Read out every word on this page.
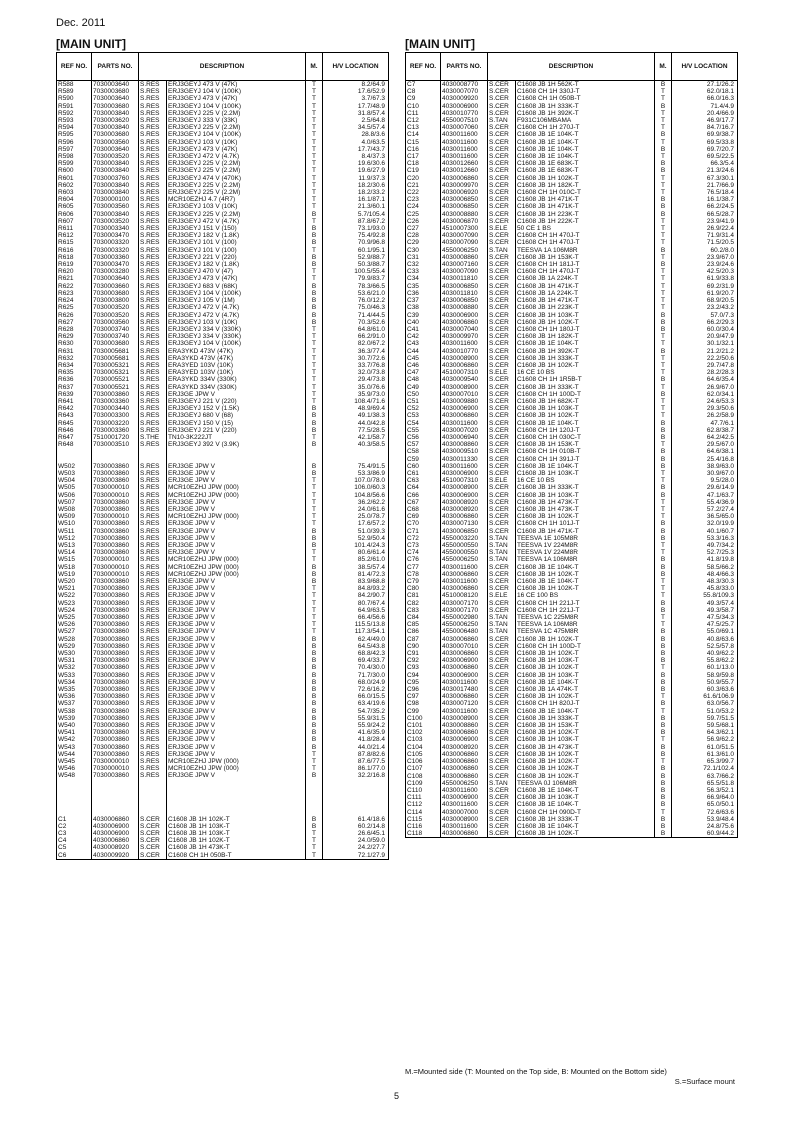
Dec. 2011
[MAIN UNIT]	[MAIN UNIT]
REF NO.	PARTS NO.	DESCRIPTION		M.	H/V LOCATION
R588	7030003640	S.RES	ERJ3GEYJ 473 V (47K)	T	8.2/64.9
R589	7030003680	S.RES	ERJ3GEYJ 104 V (100K)	T	17.6/52.9
R590	7030003640	S.RES	ERJ3GEYJ 473 V (47K)	T	3.7/67.3
R591	7030003680	S.RES	ERJ3GEYJ 104 V (100K)	T	17.7/48.9
R592	7030003840	S.RES	ERJ3GEYJ 225 V (2.2M)	T	31.8/57.4
R593	7030003620	S.RES	ERJ3GEYJ 333 V (33K)	T	2.5/64.8
R594	7030003840	S.RES	ERJ3GEYJ 225 V (2.2M)	T	34.5/57.4
R595	7030003680	S.RES	ERJ3GEYJ 104 V (100K)	T	28.8/3.6
R596	7030003560	S.RES	ERJ3GEYJ 103 V (10K)	T	4.0/63.5
R597	7030003640	S.RES	ERJ3GEYJ 473 V (47K)	T	17.7/43.7
R598	7030003520	S.RES	ERJ3GEYJ 472 V (4.7K)	T	8.4/37.3
R599	7030003840	S.RES	ERJ3GEYJ 225 V (2.2M)	T	19.6/30.6
R600	7030003840	S.RES	ERJ3GEYJ 225 V (2.2M)	T	19.6/27.9
R601	7030003760	S.RES	ERJ3GEYJ 474 V (470K)	T	11.9/37.3
R602	7030003840	S.RES	ERJ3GEYJ 225 V (2.2M)	T	18.2/30.6
R603	7030003840	S.RES	ERJ3GEYJ 225 V (2.2M)	T	18.2/33.2
R604	7030000100	S.RES	MCR10EZHJ 4.7 (4R7)	T	16.1/87.1
R605	7030003560	S.RES	ERJ3GEYJ 103 V (10K)	T	21.3/60.1
R606	7030003840	S.RES	ERJ3GEYJ 225 V (2.2M)	B	5.7/105.4
R607	7030003520	S.RES	ERJ3GEYJ 472 V (4.7K)	T	87.8/67.2
R611	7030003340	S.RES	ERJ3GEYJ 151 V (150)	B	73.1/93.0
R612	7030003470	S.RES	ERJ3GEYJ 182 V (1.8K)	B	75.4/92.8
R615	7030003320	S.RES	ERJ3GEYJ 101 V (100)	B	70.9/96.8
R616	7030003320	S.RES	ERJ3GEYJ 101 V (100)	T	60.1/95.1
R618	7030003360	S.RES	ERJ3GEYJ 221 V (220)	B	52.9/88.7
R619	7030003470	S.RES	ERJ3GEYJ 182 V (1.8K)	B	50.3/88.7
R620	7030003280	S.RES	ERJ3GEYJ 470 V (47)	T	100.5/55.4
R621	7030003640	S.RES	ERJ3GEYJ 473 V (47K)	T	79.9/83.7
R622	7030003660	S.RES	ERJ3GEYJ 683 V (68K)	B	78.3/66.5
R623	7030003680	S.RES	ERJ3GEYJ 104 V (100K)	B	53.6/21.0
R624	7030003800	S.RES	ERJ3GEYJ 105 V (1M)	B	76.0/12.2
R625	7030003520	S.RES	ERJ3GEYJ 472 V (4.7K)	B	75.0/46.3
R626	7030003520	S.RES	ERJ3GEYJ 472 V (4.7K)	B	71.4/44.5
R627	7030003560	S.RES	ERJ3GEYJ 103 V (10K)	B	70.3/52.6
R628	7030003740	S.RES	ERJ3GEYJ 334 V (330K)	T	64.8/61.0
R629	7030003740	S.RES	ERJ3GEYJ 334 V (330K)	T	66.2/91.0
R630	7030003680	S.RES	ERJ3GEYJ 104 V (100K)	T	82.0/67.2
R631	7030005681	S.RES	ERA3YKD 473V (47K)	T	36.3/77.4
R632	7030005681	S.RES	ERA3YKD 473V (47K)	T	30.7/72.6
R634	7030005321	S.RES	ERA3YED 103V (10K)	T	33.7/76.8
R635	7030005321	S.RES	ERA3YED 103V (10K)	T	32.0/73.8
R636	7030005521	S.RES	ERA3YKD 334V (330K)	T	29.4/73.8
R637	7030005521	S.RES	ERA3YKD 334V (330K)	T	35.0/76.6
R639	7030003860	S.RES	ERJ3GE JPW V	T	35.9/73.0
R641	7030003360	S.RES	ERJ3GEYJ 221 V (220)	T	108.4/71.6
R642	7030003440	S.RES	ERJ3GEYJ 152 V (1.5K)	B	48.9/69.4
R643	7030003300	S.RES	ERJ3GEYJ 680 V (68)	B	49.1/38.3
R645	7030003220	S.RES	ERJ3GEYJ 150 V (15)	B	44.0/42.8
R646	7030003360	S.RES	ERJ3GEYJ 221 V (220)	B	77.5/28.5
R647	7510001720	S.THE	TN10-3K222JT	T	42.1/58.7
R648	7030003510	S.RES	ERJ3GEYJ 392 V (3.9K)	B	40.3/58.5

W502	7030003860	S.RES	ERJ3GE JPW V	B	75.4/91.5
W503	7030003860	S.RES	ERJ3GE JPW V	B	53.3/86.9
W504	7030003860	S.RES	ERJ3GE JPW V	T	107.0/78.0
W505	7030000010	S.RES	MCR10EZHJ JPW (000)	T	106.0/60.3
W506	7030000010	S.RES	MCR10EZHJ JPW (000)	T	104.8/56.6
W507	7030003860	S.RES	ERJ3GE JPW V	T	36.2/62.2
W508	7030003860	S.RES	ERJ3GE JPW V	T	24.0/61.6
W509	7030000010	S.RES	MCR10EZHJ JPW (000)	T	25.0/78.7
W510	7030003860	S.RES	ERJ3GE JPW V	T	17.6/57.2
W511	7030003860	S.RES	ERJ3GE JPW V	B	51.0/39.3
W512	7030003860	S.RES	ERJ3GE JPW V	B	52.9/50.4
W513	7030003860	S.RES	ERJ3GE JPW V	B	101.4/24.3
W514	7030003860	S.RES	ERJ3GE JPW V	T	80.6/61.4
W515	7030000010	S.RES	MCR10EZHJ JPW (000)	T	85.2/61.0
W518	7030000010	S.RES	MCR10EZHJ JPW (000)	B	38.5/57.4
W519	7030000010	S.RES	MCR10EZHJ JPW (000)	B	81.4/72.3
W520	7030003860	S.RES	ERJ3GE JPW V	B	83.9/68.8
W521	7030003860	S.RES	ERJ3GE JPW V	T	84.8/93.2
W522	7030003860	S.RES	ERJ3GE JPW V	T	84.2/90.7
W523	7030003860	S.RES	ERJ3GE JPW V	T	80.7/67.4
W524	7030003860	S.RES	ERJ3GE JPW V	T	64.9/63.5
W525	7030003860	S.RES	ERJ3GE JPW V	T	66.4/56.6
W526	7030003860	S.RES	ERJ3GE JPW V	T	115.5/13.8
W527	7030003860	S.RES	ERJ3GE JPW V	T	117.3/54.1
W528	7030003860	S.RES	ERJ3GE JPW V	B	62.4/49.0
W529	7030003860	S.RES	ERJ3GE JPW V	B	64.5/43.8
W530	7030003860	S.RES	ERJ3GE JPW V	B	68.8/42.3
W531	7030003860	S.RES	ERJ3GE JPW V	B	69.4/33.7
W532	7030003860	S.RES	ERJ3GE JPW V	B	70.4/30.0
W533	7030003860	S.RES	ERJ3GE JPW V	B	71.7/30.0
W534	7030003860	S.RES	ERJ3GE JPW V	B	68.0/24.9
W535	7030003860	S.RES	ERJ3GE JPW V	B	72.6/16.2
W536	7030003860	S.RES	ERJ3GE JPW V	B	66.0/15.5
W537	7030003860	S.RES	ERJ3GE JPW V	B	63.4/19.6
W538	7030003860	S.RES	ERJ3GE JPW V	B	54.7/35.2
W539	7030003860	S.RES	ERJ3GE JPW V	B	55.9/31.5
W540	7030003860	S.RES	ERJ3GE JPW V	B	55.9/24.2
W541	7030003860	S.RES	ERJ3GE JPW V	B	41.6/35.9
W542	7030003860	S.RES	ERJ3GE JPW V	B	41.8/28.4
W543	7030003860	S.RES	ERJ3GE JPW V	B	44.0/21.4
W544	7030003860	S.RES	ERJ3GE JPW V	T	87.8/82.6
W545	7030000010	S.RES	MCR10EZHJ JPW (000)	T	87.6/77.5
W546	7030000010	S.RES	MCR10EZHJ JPW (000)	T	86.1/77.0
W548	7030003860	S.RES	ERJ3GE JPW V	B	32.2/16.8

C1	4030006860	S.CER	C1608 JB 1H 102K-T	B	61.4/18.6
C2	4030006900	S.CER	C1608 JB 1H 103K-T	B	60.2/14.8
C3	4030006900	S.CER	C1608 JB 1H 103K-T	T	26.6/45.1
C4	4030006860	S.CER	C1608 JB 1H 102K-T	T	24.0/59.0
C5	4030008920	S.CER	C1608 JB 1H 473K-T	T	24.2/27.7
C6	4030009920	S.CER	C1608 CH 1H 050B-T	T	72.1/27.9
REF NO.	PARTS NO.	DESCRIPTION		M.	H/V LOCATION
C7	4030008770	S.CER	C1608 JB 1H 562K-T	B	27.1/26.2
C8	4030007070	S.CER	C1608 CH 1H 330J-T	T	62.0/18.1
C9	4030009920	S.CER	C1608 CH 1H 050B-T	T	66.0/16.3
C10	4030006900	S.CER	C1608 JB 1H 333K-T	B	71.4/4.9
C11	4030010770	S.CER	C1608 JB 1H 392K-T	T	20.4/66.9
C12	4550007510	S.TAN	F931C106MBAMA	T	46.9/17.7
C13	4030007060	S.CER	C1608 CH 1H 270J-T	T	84.7/16.7
C14	4030011600	S.CER	C1608 JB 1E 104K-T	B	69.9/38.7
C15	4030011600	S.CER	C1608 JB 1E 104K-T	T	69.5/33.8
C16	4030011600	S.CER	C1608 JB 1E 104K-T	B	69.7/20.7
C17	4030011600	S.CER	C1608 JB 1E 104K-T	T	69.5/22.5
C18	4030012660	S.CER	C1608 JB 1E 683K-T	B	66.3/5.4
C19	4030012660	S.CER	C1608 JB 1E 683K-T	B	21.3/24.6
C20	4030006860	S.CER	C1608 JB 1H 102K-T	T	67.3/30.1
C21	4030009970	S.CER	C1608 JB 1H 182K-T	T	21.7/66.9
C22	4030006920	S.CER	C1608 CH 1H 010C-T	T	76.5/18.4
C23	4030006850	S.CER	C1608 JB 1H 471K-T	B	16.1/38.7
C24	4030006850	S.CER	C1608 JB 1H 471K-T	B	66.2/24.5
C25	4030008880	S.CER	C1608 JB 1H 223K-T	B	66.5/28.7
C26	4030006870	S.CER	C1608 JB 1H 222K-T	T	23.9/41.9
C27	4510007300	S.ELE	50 CE 1 BS	T	26.9/22.4
C28	4030007090	S.CER	C1608 CH 1H 470J-T	T	71.9/31.4
C29	4030007090	S.CER	C1608 CH 1H 470J-T	T	71.5/20.5
C30	4550006250	S.TAN	TEESVA 1A 106M8R	B	60.2/8.0
C31	4030008860	S.CER	C1608 JB 1H 153K-T	T	23.9/67.0
C32	4030007160	S.CER	C1608 CH 1H 181J-T	B	23.9/24.6
C33	4030007090	S.CER	C1608 CH 1H 470J-T	T	42.5/20.3
C34	4030011810	S.CER	C1608 JB 1A 224K-T	T	61.9/33.8
C35	4030006850	S.CER	C1608 JB 1H 471K-T	T	69.2/31.9
C36	4030011810	S.CER	C1608 JB 1A 224K-T	T	61.9/20.7
C37	4030006850	S.CER	C1608 JB 1H 471K-T	T	68.9/20.5
C38	4030008880	S.CER	C1608 JB 1H 223K-T	T	23.2/43.2
C39	4030006900	S.CER	C1608 JB 1H 103K-T	B	57.0/7.3
C40	4030006860	S.CER	C1608 JB 1H 102K-T	B	66.2/29.3
C41	4030007040	S.CER	C1608 CH 1H 180J-T	B	60.0/30.4
C42	4030009970	S.CER	C1608 JB 1H 182K-T	T	20.9/47.9
C43	4030011600	S.CER	C1608 JB 1E 104K-T	T	30.1/32.1
C44	4030010770	S.CER	C1608 JB 1H 392K-T	B	21.2/21.2
C45	4030008900	S.CER	C1608 JB 1H 333K-T	T	22.2/50.6
C46	4030006860	S.CER	C1608 JB 1H 102K-T	T	29.7/47.8
C47	4510007310	S.ELE	16 CE 10 BS	T	28.2/28.3
C48	4030009540	S.CER	C1608 CH 1H 1R5B-T	B	64.6/35.4
C49	4030008900	S.CER	C1608 JB 1H 333K-T	T	26.9/67.0
C50	4030007010	S.CER	C1608 CH 1H 100D-T	B	62.0/34.1
C51	4030009880	S.CER	C1608 JB 1H 682K-T	T	24.6/53.3
C52	4030006900	S.CER	C1608 JB 1H 103K-T	T	29.3/50.6
C53	4030006860	S.CER	C1608 JB 1H 102K-T	T	26.2/58.9
C54	4030011600	S.CER	C1608 JB 1E 104K-T	B	47.7/6.1
C55	4030007020	S.CER	C1608 CH 1H 120J-T	B	62.8/38.7
C56	4030006940	S.CER	C1608 CH 1H 030C-T	B	64.2/42.5
C57	4030008860	S.CER	C1608 JB 1H 153K-T	T	29.5/67.0
C58	4030009510	S.CER	C1608 CH 1H 010B-T	B	64.6/38.1
C59	4030011330	S.CER	C1608 CH 1H 391J-T	B	25.4/16.8
C60	4030011600	S.CER	C1608 JB 1E 104K-T	B	38.9/63.0
C61	4030006900	S.CER	C1608 JB 1H 103K-T	T	30.9/67.0
C63	4510007310	S.ELE	16 CE 10 BS	T	9.5/28.0
C64	4030008900	S.CER	C1608 JB 1H 333K-T	B	29.6/14.9
C66	4030006900	S.CER	C1608 JB 1H 103K-T	B	47.1/63.7
C67	4030008920	S.CER	C1608 JB 1H 473K-T	T	55.4/36.9
C68	4030008920	S.CER	C1608 JB 1H 473K-T	T	57.2/27.4
C69	4030006860	S.CER	C1608 JB 1H 102K-T	T	36.5/65.0
C70	4030007130	S.CER	C1608 CH 1H 101J-T	B	32.0/19.9
C71	4030006850	S.CER	C1608 JB 1H 471K-T	B	40.1/60.7
C72	4550003220	S.TAN	TEESVA 1E 105M8R	B	53.3/16.3
C73	4550000550	S.TAN	TEESVA 1V 224M8R	T	49.7/34.2
C74	4550000550	S.TAN	TEESVA 1V 224M8R	T	52.7/25.3
C76	4550006250	S.TAN	TEESVA 1A 106M8R	B	41.8/19.8
C77	4030011600	S.CER	C1608 JB 1E 104K-T	B	58.5/66.2
C78	4030006860	S.CER	C1608 JB 1H 102K-T	B	48.4/66.3
C79	4030011600	S.CER	C1608 JB 1E 104K-T	T	48.3/30.3
C80	4030006860	S.CER	C1608 JB 1H 102K-T	T	45.8/33.0
C81	4510008120	S.ELE	16 CE 100 BS	T	55.8/109.3
C82	4030007170	S.CER	C1608 CH 1H 221J-T	B	49.3/57.4
C83	4030007170	S.CER	C1608 CH 1H 221J-T	B	49.3/58.7
C84	4550002980	S.TAN	TEESVA 1C 225M8R	T	47.5/34.3
C85	4550006250	S.TAN	TEESVA 1A 106M8R	T	47.5/25.7
C86	4550006480	S.TAN	TEESVA 1C 475M8R	B	55.0/69.1
C87	4030006860	S.CER	C1608 JB 1H 102K-T	B	40.8/63.6
C90	4030007010	S.CER	C1608 CH 1H 100D-T	B	52.5/57.8
C91	4030006860	S.CER	C1608 JB 1H 102K-T	B	40.9/62.2
C92	4030006900	S.CER	C1608 JB 1H 103K-T	B	55.8/62.2
C93	4030006860	S.CER	C1608 JB 1H 102K-T	T	60.1/13.0
C94	4030006900	S.CER	C1608 JB 1H 103K-T	B	58.9/59.8
C95	4030011600	S.CER	C1608 JB 1E 104K-T	B	50.9/55.7
C96	4030017480	S.CER	C1608 JB 1A 474K-T	B	60.3/63.6
C97	4030006860	S.CER	C1608 JB 1H 102K-T	T	61.6/106.9
C98	4030007120	S.CER	C1608 CH 1H 820J-T	B	63.0/56.7
C99	4030011600	S.CER	C1608 JB 1E 104K-T	T	51.0/53.2
C100	4030008900	S.CER	C1608 JB 1H 333K-T	B	59.7/51.5
C101	4030008860	S.CER	C1608 JB 1H 153K-T	B	59.5/68.1
C102	4030006860	S.CER	C1608 JB 1H 102K-T	B	64.3/62.1
C103	4030006900	S.CER	C1608 JB 1H 103K-T	T	56.9/62.2
C104	4030008920	S.CER	C1608 JB 1H 473K-T	B	61.0/51.5
C105	4030006860	S.CER	C1608 JB 1H 102K-T	B	61.3/61.0
C106	4030006860	S.CER	C1608 JB 1H 102K-T	T	65.3/99.7
C107	4030006860	S.CER	C1608 JB 1H 102K-T	B	72.1/102.4
C108	4030006860	S.CER	C1608 JB 1H 102K-T	B	63.7/66.2
C109	4550006250	S.TAN	TEESVA 0J 106M8R	B	65.5/51.8
C110	4030011600	S.CER	C1608 JB 1E 104K-T	B	56.3/52.1
C111	4030006900	S.CER	C1608 JB 1H 103K-T	B	66.9/64.0
C112	4030011600	S.CER	C1608 JB 1E 104K-T	B	65.0/50.1
C114	4030007000	S.CER	C1608 CH 1H 090D-T	T	72.6/63.6
C115	4030008900	S.CER	C1608 JB 1H 333K-T	B	53.9/48.4
C116	4030011600	S.CER	C1608 JB 1E 104K-T	B	24.8/75.6
C118	4030006860	S.CER	C1608 JB 1H 102K-T	B	60.9/44.2
M.=Mounted side (T: Mounted on the Top side, B: Mounted on the Bottom side)
S.=Surface mount
5
